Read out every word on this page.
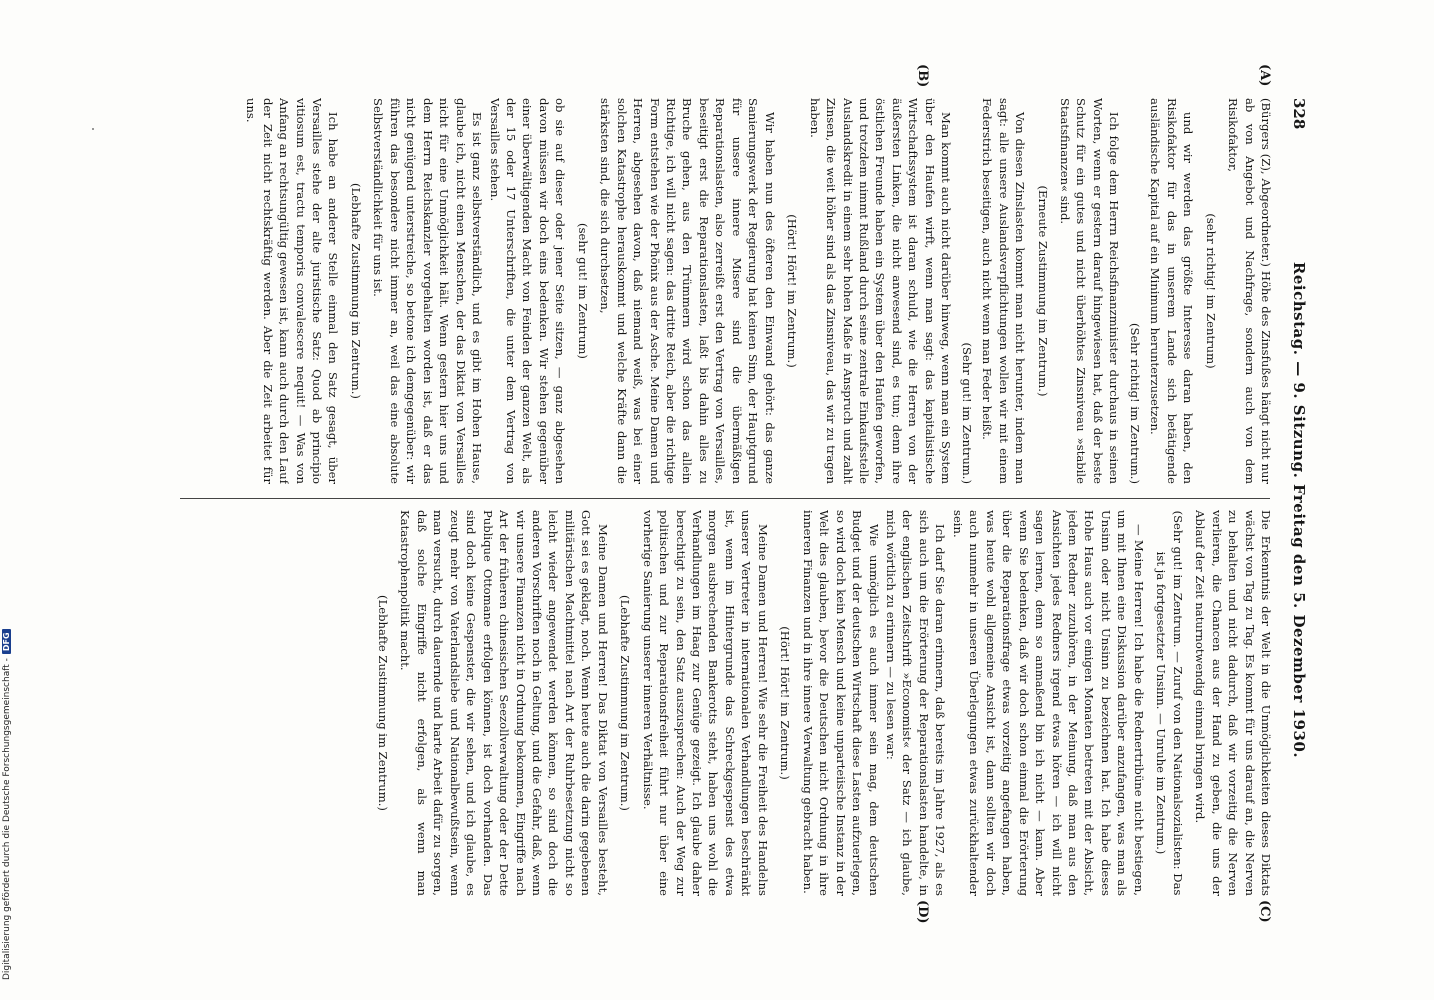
328
Reichstag. — 9. Sitzung. Freitag den 5. Dezember 1930.
(A)
(B)
(C)
(D)

(Bürgers (Z), Abgeordneter.) Höhe des Zinsfußes hängt nicht nur ab von Angebot und Nachfrage, sondern auch von dem Risikofaktor,

(sehr richtig! im Zentrum)

und wir werden das größte Interesse daran haben, den Risikofaktor für das in unserem Lande sich betätigende ausländische Kapital auf ein Minimum herunterzusetzen.

(Sehr richtig! im Zentrum.)

Ich folge dem Herrn Reichsfinanzminister durchaus in seinen Worten, wenn er gestern darauf hingewiesen hat, daß der beste Schutz für ein gutes und nicht überhöhtes Zinsniveau »stabile Staatsfinanzen« sind.

(Erneute Zustimmung im Zentrum.)

Von diesen Zinslasten kommt man nicht herunter, indem man sagt: alle unsere Auslandsverpflichtungen wollen wir mit einem Federstrich beseitigen, auch nicht wenn man Feder heißt.

(Sehr gut! im Zentrum.)

Man kommt auch nicht darüber hinweg, wenn man ein System über den Haufen wirft, wenn man sagt: das kapitalistische Wirtschaftssystem ist daran schuld, wie die Herren von der äußersten Linken, die nicht anwesend sind, es tun; denn ihre östlichen Freunde haben ein System über den Haufen geworfen, und trotzdem nimmt Rußland durch seine zentrale Einkaufsstelle Auslandskredit in einem sehr hohen Maße in Anspruch und zahlt Zinsen, die weit höher sind als das Zinsniveau, das wir zu tragen haben.

(Hört! Hört! im Zentrum.)

Wir haben nun des öfteren den Einwand gehört: das ganze Sanierungswerk der Regierung hat keinen Sinn, der Hauptgrund für unsere innere Misere sind die übermäßigen Reparationslasten, also zerreißt erst den Vertrag von Versailles, beseitigt erst die Reparationslasten, laßt bis dahin alles zu Bruche gehen, aus den Trümmern wird schon das allein Richtige, ich will nicht sagen: das dritte Reich, aber die richtige Form entstehen wie der Phönix aus der Asche. Meine Damen und Herren, abgesehen davon, daß niemand weiß, was bei einer solchen Katastrophe herauskommt und welche Kräfte dann die stärksten sind, die sich durchsetzen,

(sehr gut! im Zentrum)

ob sie auf dieser oder jener Seite sitzen, — ganz abgesehen davon müssen wir doch eins bedenken. Wir stehen gegenüber einer überwältigenden Macht von Feinden der ganzen Welt, als der 15 oder 17 Unterschriften, die unter dem Vertrag von Versailles stehen.

Es ist ganz selbstverständlich, und es gibt im Hohen Hause, glaube ich, nicht einen Menschen, der das Diktat von Versailles nicht für eine Unmöglichkeit hält. Wenn gestern hier uns und dem Herrn Reichskanzler vorgehalten worden ist, daß er das nicht genügend unterstreiche, so betone ich demgegenüber: wir führen das besondere nicht immer an, weil das eine absolute Selbstverständlichkeit für uns ist.

(Lebhafte Zustimmung im Zentrum.)

Ich habe an anderer Stelle einmal den Satz gesagt, über Versailles stehe der alte juristische Satz: Quod ab principio vitiosum est, tractu temporis convalescere nequit! — Was von Anfang an rechtsungültig gewesen ist, kann auch durch den Lauf der Zeit nicht rechtskräftig werden. Aber die Zeit arbeitet für uns.

Die Erkenntnis der Welt in die Unmöglichkeiten dieses Diktats wächst von Tag zu Tag. Es kommt für uns darauf an, die Nerven zu behalten und nicht dadurch, daß wir vorzeitig die Nerven verlieren, die Chancen aus der Hand zu geben, die uns der Ablauf der Zeit naturnotwendig einmal bringen wird.

(Sehr gut! im Zentrum. — Zuruf von den Nationalsozialisten: Das ist ja fortgesetzter Unsinn. — Unruhe im Zentrum.)

— Meine Herren! Ich habe die Rednertribüne nicht bestiegen, um mit Ihnen eine Diskussion darüber anzufangen, was man als Unsinn oder nicht Unsinn zu bezeichnen hat. Ich habe dieses Hohe Haus auch vor einigen Monaten betreten mit der Absicht, jedem Redner zuzuhören, in der Meinung, daß man aus den Ansichten jedes Redners irgend etwas hören — ich will nicht sagen lernen, denn so anmaßend bin ich nicht — kann. Aber wenn Sie bedenken, daß wir doch schon einmal die Erörterung über die Reparationsfrage etwas vorzeitig angefangen haben, was heute wohl allgemeine Ansicht ist, dann sollten wir doch auch nunmehr in unseren Überlegungen etwas zurückhaltender sein.

Ich darf Sie daran erinnern, daß bereits im Jahre 1927, als es sich auch um die Erörterung der Reparationslasten handelte, in der englischen Zeitschrift »Economist« der Satz — ich glaube, mich wörtlich zu erinnern — zu lesen war:

Wie unmöglich es auch immer sein mag, dem deutschen Budget und der deutschen Wirtschaft diese Lasten aufzuerlegen, so wird doch kein Mensch und keine unparteiische Instanz in der Welt dies glauben, bevor die Deutschen nicht Ordnung in ihre inneren Finanzen und in ihre innere Verwaltung gebracht haben.

(Hört! Hört! im Zentrum.)

Meine Damen und Herren! Wie sehr die Freiheit des Handelns unserer Vertreter in internationalen Verhandlungen beschränkt ist, wenn im Hintergrunde das Schreckgespenst des etwa morgen ausbrechenden Bankerotts steht, haben uns wohl die Verhandlungen im Haag zur Genüge gezeigt. Ich glaube daher berechtigt zu sein, den Satz auszusprechen: Auch der Weg zur politischen und zur Reparationsfreiheit führt nur über eine vorherige Sanierung unserer inneren Verhältnisse.

(Lebhafte Zustimmung im Zentrum.)

Meine Damen und Herren! Das Diktat von Versailles besteht, Gott sei es geklagt, noch. Wenn heute auch die darin gegebenen militärischen Machtmittel nach Art der Ruhrbesetzung nicht so leicht wieder angewendet werden können, so sind doch die anderen Vorschriften noch in Geltung, und die Gefahr, daß, wenn wir unsere Finanzen nicht in Ordnung bekommen, Eingriffe nach Art der früheren chinesischen Seezollverwaltung oder der Dette Publique Ottomane erfolgen können, ist doch vorhanden. Das sind doch keine Gespenster, die wir sehen, und ich glaube, es zeugt mehr von Vaterlandsliebe und Nationalbewußtsein, wenn man versucht, durch dauernde und harte Arbeit dafür zu sorgen, daß solche Eingriffe nicht erfolgen, als wenn man Katastrophenpolitik macht.

(Lebhafte Zustimmung im Zentrum.)

Digitalisierung gefördert durch die Deutsche Forschungsgemeinschaft -DFG
